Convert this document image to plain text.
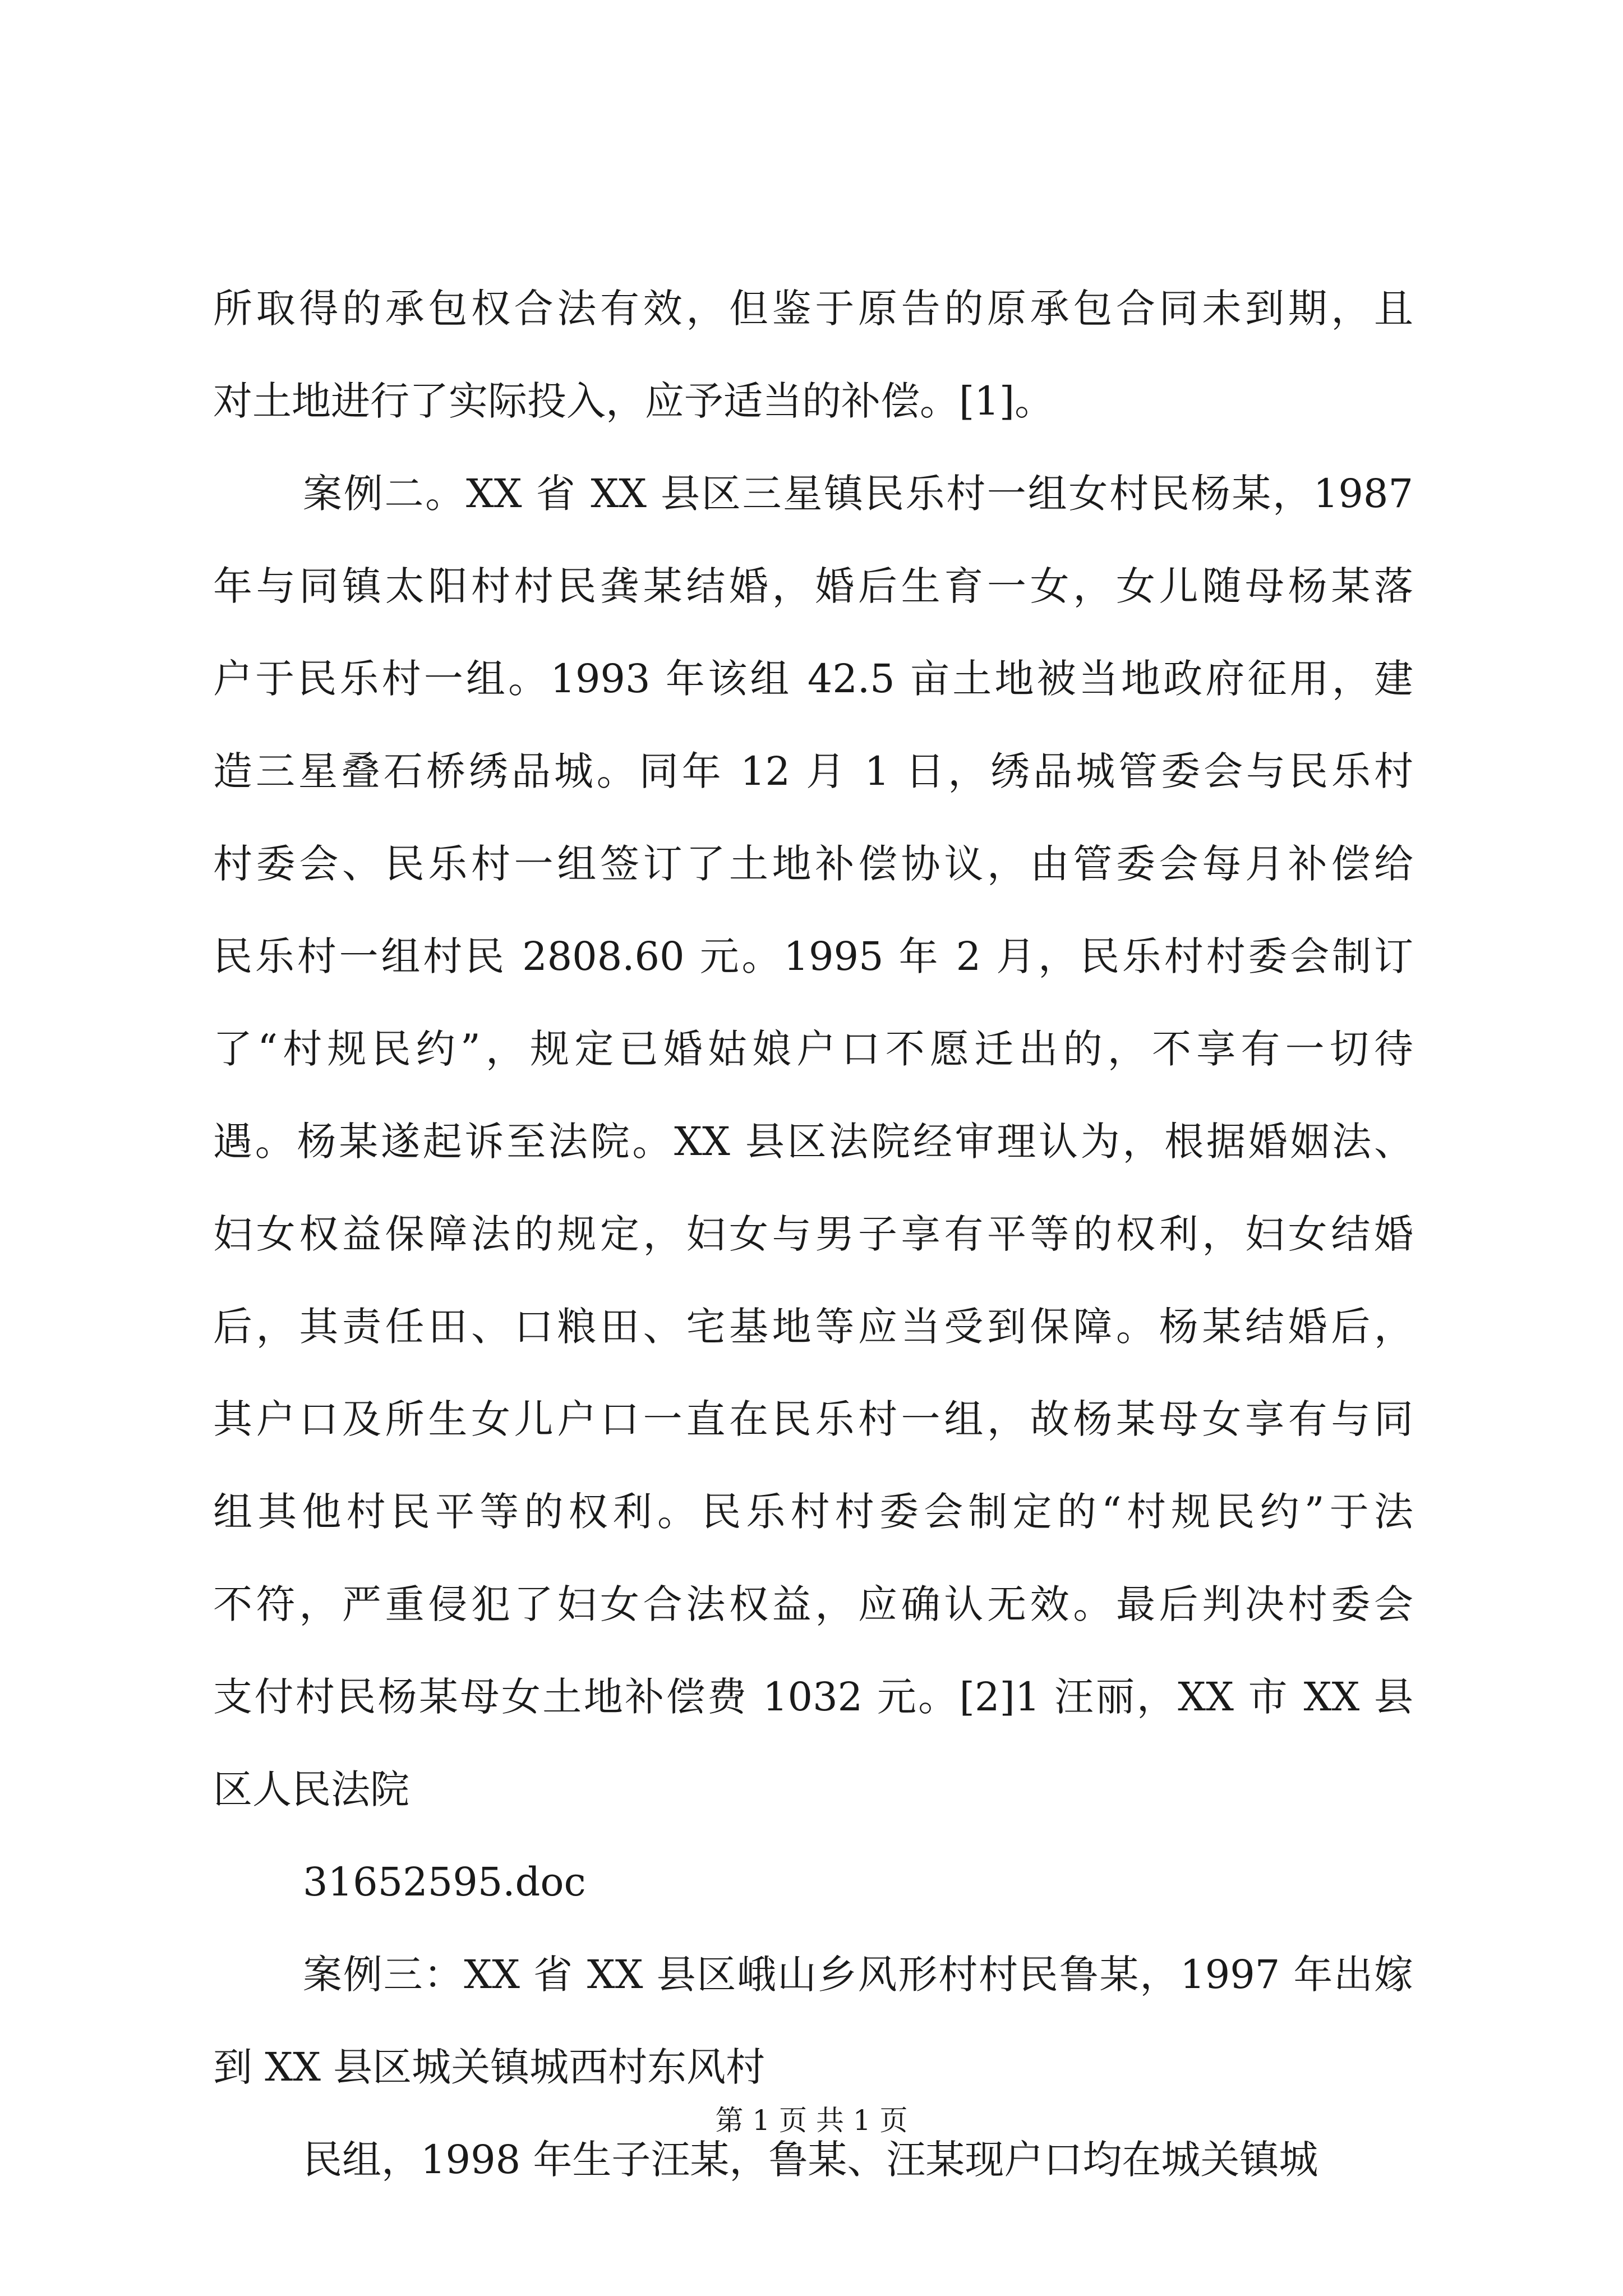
所取得的承包权合法有效，但鉴于原告的原承包合同未到期，且
对土地进行了实际投入，应予适当的补偿。[1]。
案例二。XX 省 XX 县区三星镇民乐村一组女村民杨某，1987
年与同镇太阳村村民龚某结婚，婚后生育一女，女儿随母杨某落
户于民乐村一组。1993 年该组 42.5 亩土地被当地政府征用，建
造三星叠石桥绣品城。同年 12 月 1 日，绣品城管委会与民乐村
村委会、民乐村一组签订了土地补偿协议，由管委会每月补偿给
民乐村一组村民 2808.60 元。1995 年 2 月，民乐村村委会制订
了“村规民约”，规定已婚姑娘户口不愿迁出的，不享有一切待
遇。杨某遂起诉至法院。XX 县区法院经审理认为，根据婚姻法、
妇女权益保障法的规定，妇女与男子享有平等的权利，妇女结婚
后，其责任田、口粮田、宅基地等应当受到保障。杨某结婚后，
其户口及所生女儿户口一直在民乐村一组，故杨某母女享有与同
组其他村民平等的权利。民乐村村委会制定的“村规民约”于法
不符，严重侵犯了妇女合法权益，应确认无效。最后判决村委会
支付村民杨某母女土地补偿费 1032 元。[2]1 汪丽，XX 市 XX 县
区人民法院
31652595.doc
案例三：XX 省 XX 县区峨山乡风形村村民鲁某，1997 年出嫁
到 XX 县区城关镇城西村东风村
民组，1998 年生子汪某，鲁某、汪某现户口均在城关镇城
第 1 页 共 1 页
